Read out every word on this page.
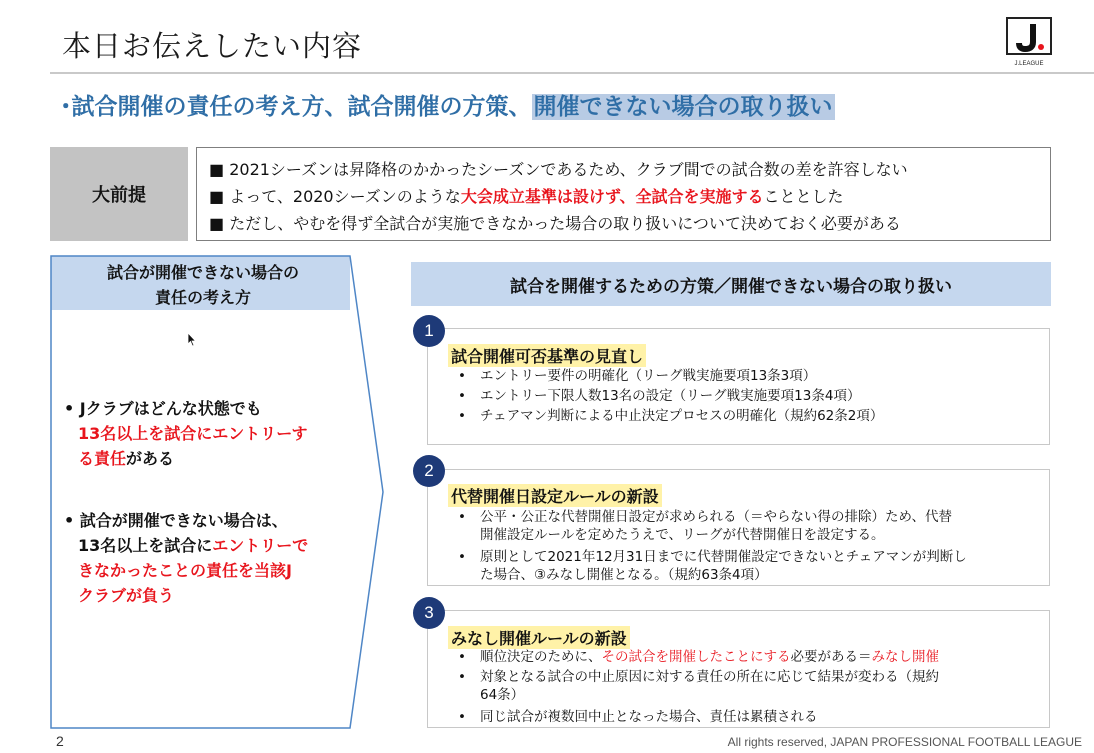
本日お伝えしたい内容
J.LEAGUE
･試合開催の責任の考え方、試合開催の方策、開催できない場合の取り扱い
大前提
■ 2021シーズンは昇降格のかかったシーズンであるため、クラブ間での試合数の差を許容しない
■ よって、2020シーズンのような大会成立基準は設けず、全試合を実施することとした
■ ただし、やむを得ず全試合が実施できなかった場合の取り扱いについて決めておく必要がある
試合が開催できない場合の
責任の考え方
• Jクラブはどんな状態でも
13名以上を試合にエントリーす
る責任がある
• 試合が開催できない場合は、
13名以上を試合にエントリーで
きなかったことの責任を当該J
クラブが負う
試合を開催するための方策／開催できない場合の取り扱い
1
試合開催可否基準の見直し
•	エントリー要件の明確化（リーグ戦実施要項13条3項）
•	エントリー下限人数13名の設定（リーグ戦実施要項13条4項）
•	チェアマン判断による中止決定プロセスの明確化（規約62条2項）
2
代替開催日設定ルールの新設
•	公平・公正な代替開催日設定が求められる（＝やらない得の排除）ため、代替
開催設定ルールを定めたうえで、リーグが代替開催日を設定する。
•	原則として2021年12月31日までに代替開催設定できないとチェアマンが判断し
た場合、③みなし開催となる。（規約63条4項）
3
みなし開催ルールの新設
•	順位決定のために、その試合を開催したことにする必要がある＝みなし開催
•	対象となる試合の中止原因に対する責任の所在に応じて結果が変わる（規約
64条）
•	同じ試合が複数回中止となった場合、責任は累積される
2	All rights reserved, JAPAN PROFESSIONAL FOOTBALL LEAGUE
